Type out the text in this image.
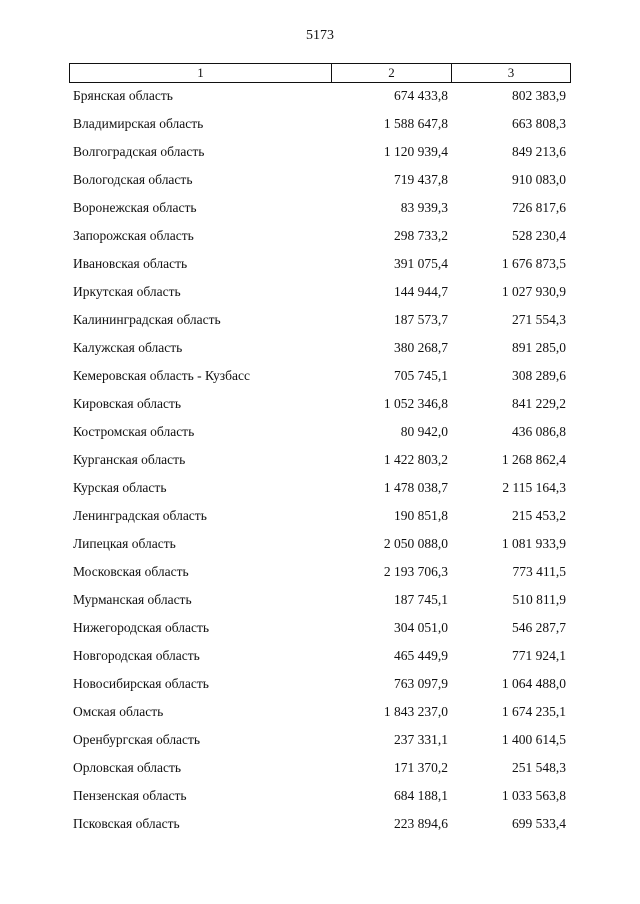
5173
1	2	3
Брянская область	674 433,8	802 383,9
Владимирская область	1 588 647,8	663 808,3
Волгоградская область	1 120 939,4	849 213,6
Вологодская область	719 437,8	910 083,0
Воронежская область	83 939,3	726 817,6
Запорожская область	298 733,2	528 230,4
Ивановская область	391 075,4	1 676 873,5
Иркутская область	144 944,7	1 027 930,9
Калининградская область	187 573,7	271 554,3
Калужская область	380 268,7	891 285,0
Кемеровская область - Кузбасс	705 745,1	308 289,6
Кировская область	1 052 346,8	841 229,2
Костромская область	80 942,0	436 086,8
Курганская область	1 422 803,2	1 268 862,4
Курская область	1 478 038,7	2 115 164,3
Ленинградская область	190 851,8	215 453,2
Липецкая область	2 050 088,0	1 081 933,9
Московская область	2 193 706,3	773 411,5
Мурманская область	187 745,1	510 811,9
Нижегородская область	304 051,0	546 287,7
Новгородская область	465 449,9	771 924,1
Новосибирская область	763 097,9	1 064 488,0
Омская область	1 843 237,0	1 674 235,1
Оренбургская область	237 331,1	1 400 614,5
Орловская область	171 370,2	251 548,3
Пензенская область	684 188,1	1 033 563,8
Псковская область	223 894,6	699 533,4
